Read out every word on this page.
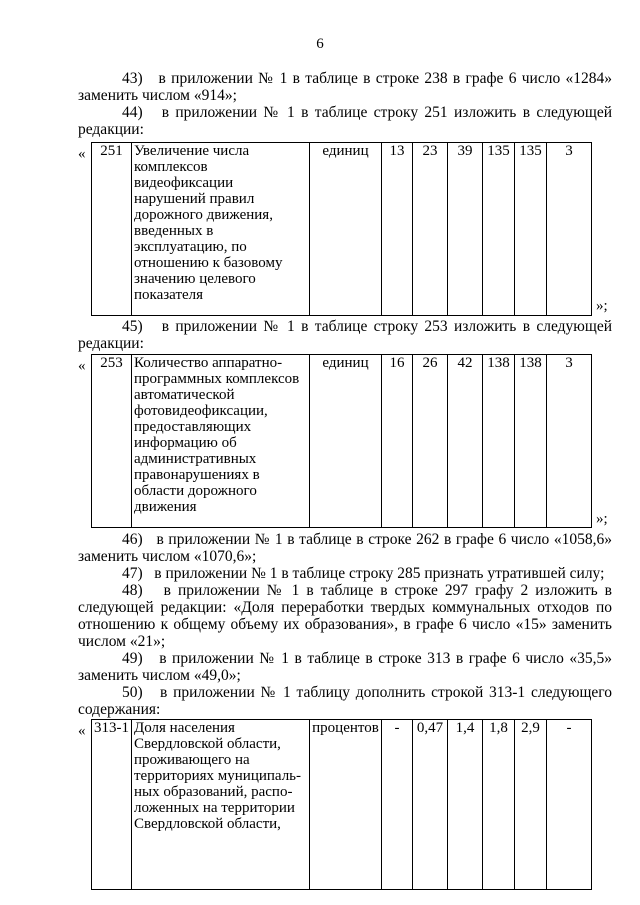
6
43) в приложении № 1 в таблице в строке 238 в графе 6 число «1284» заменить числом «914»;
44) в приложении № 1 в таблице строку 251 изложить в следующей редакции:
« 251	Увеличение числа комплексов видеофиксации нарушений правил дорожного движения, введенных в эксплуатацию, по отношению к базовому значению целевого показателя	единиц	13	23	39	135	135	3
»;
45) в приложении № 1 в таблице строку 253 изложить в следующей редакции:
« 253	Количество аппаратно-программных комплексов автоматической фотовидеофиксации, предоставляющих информацию об административных правонарушениях в области дорожного движения	единиц	16	26	42	138	138	3
»;
46) в приложении № 1 в таблице в строке 262 в графе 6 число «1058,6» заменить числом «1070,6»;
47) в приложении № 1 в таблице строку 285 признать утратившей силу;
48) в приложении № 1 в таблице в строке 297 графу 2 изложить в следующей редакции: «Доля переработки твердых коммунальных отходов по отношению к общему объему их образования», в графе 6 число «15» заменить числом «21»;
49) в приложении № 1 в таблице в строке 313 в графе 6 число «35,5» заменить числом «49,0»;
50) в приложении № 1 таблицу дополнить строкой 313-1 следующего содержания:
« 313-1	Доля населения Свердловской области, проживающего на территориях муниципаль-ных образований, распо-ложенных на территории Свердловской области,	процентов	-	0,47	1,4	1,8	2,9	-
